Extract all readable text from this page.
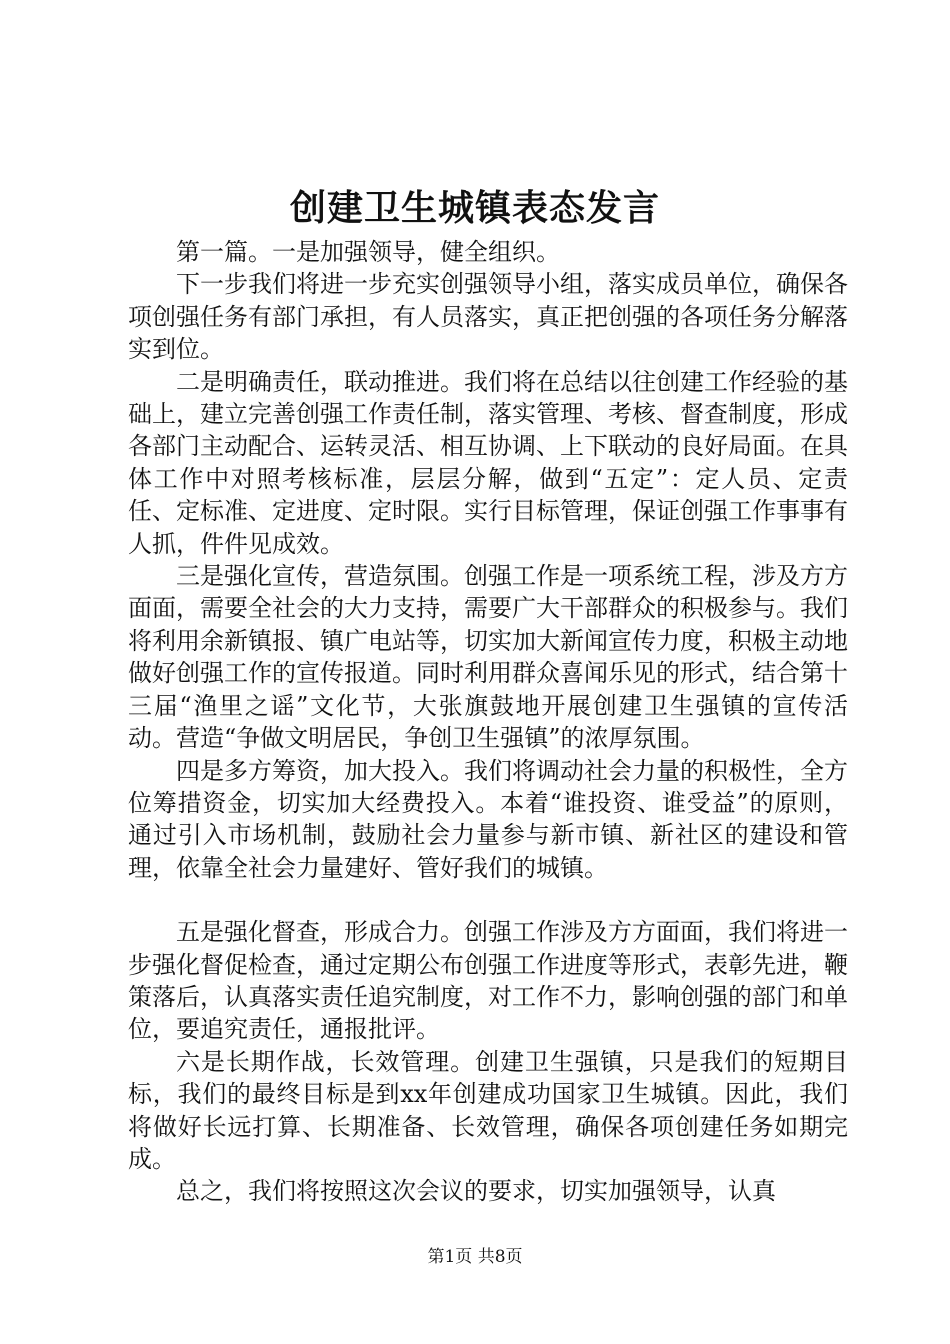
创建卫生城镇表态发言

第一篇。一是加强领导，健全组织。

下一步我们将进一步充实创强领导小组，落实成员单位，确保各项创强任务有部门承担，有人员落实，真正把创强的各项任务分解落实到位。

二是明确责任，联动推进。我们将在总结以往创建工作经验的基础上，建立完善创强工作责任制，落实管理、考核、督查制度，形成各部门主动配合、运转灵活、相互协调、上下联动的良好局面。在具体工作中对照考核标准，层层分解，做到“五定”：定人员、定责任、定标准、定进度、定时限。实行目标管理，保证创强工作事事有人抓，件件见成效。

三是强化宣传，营造氛围。创强工作是一项系统工程，涉及方方面面，需要全社会的大力支持，需要广大干部群众的积极参与。我们将利用余新镇报、镇广电站等，切实加大新闻宣传力度，积极主动地做好创强工作的宣传报道。同时利用群众喜闻乐见的形式，结合第十三届“渔里之谣”文化节，大张旗鼓地开展创建卫生强镇的宣传活动。营造“争做文明居民，争创卫生强镇”的浓厚氛围。

四是多方筹资，加大投入。我们将调动社会力量的积极性，全方位筹措资金，切实加大经费投入。本着“谁投资、谁受益”的原则，通过引入市场机制，鼓励社会力量参与新市镇、新社区的建设和管理，依靠全社会力量建好、管好我们的城镇。

五是强化督查，形成合力。创强工作涉及方方面面，我们将进一步强化督促检查，通过定期公布创强工作进度等形式，表彰先进，鞭策落后，认真落实责任追究制度，对工作不力，影响创强的部门和单位，要追究责任，通报批评。

六是长期作战，长效管理。创建卫生强镇，只是我们的短期目标，我们的最终目标是到xx年创建成功国家卫生城镇。因此，我们将做好长远打算、长期准备、长效管理，确保各项创建任务如期完成。

总之，我们将按照这次会议的要求，切实加强领导，认真

第1页 共8页
